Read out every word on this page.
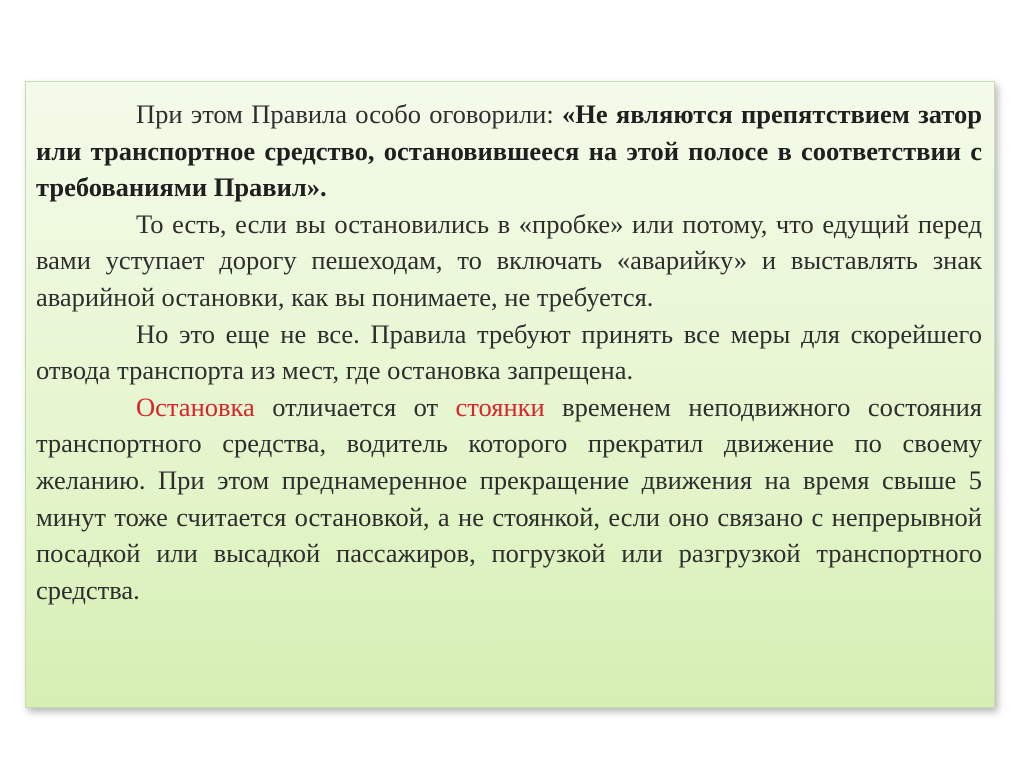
При этом Правила особо оговорили: «Не являются препятствием затор или транспортное средство, остановившееся на этой полосе в соответствии с требованиями Правил».

То есть, если вы остановились в «пробке» или потому, что едущий перед вами уступает дорогу пешеходам, то включать «аварийку» и выставлять знак аварийной остановки, как вы понимаете, не требуется.

Но это еще не все. Правила требуют принять все меры для скорейшего отвода транспорта из мест, где остановка запрещена.

Остановка отличается от стоянки временем неподвижного состояния транспортного средства, водитель которого прекратил движение по своему желанию. При этом преднамеренное прекращение движения на время свыше 5 минут тоже считается остановкой, а не стоянкой, если оно связано с непрерывной посадкой или высадкой пассажиров, погрузкой или разгрузкой транспортного средства.
